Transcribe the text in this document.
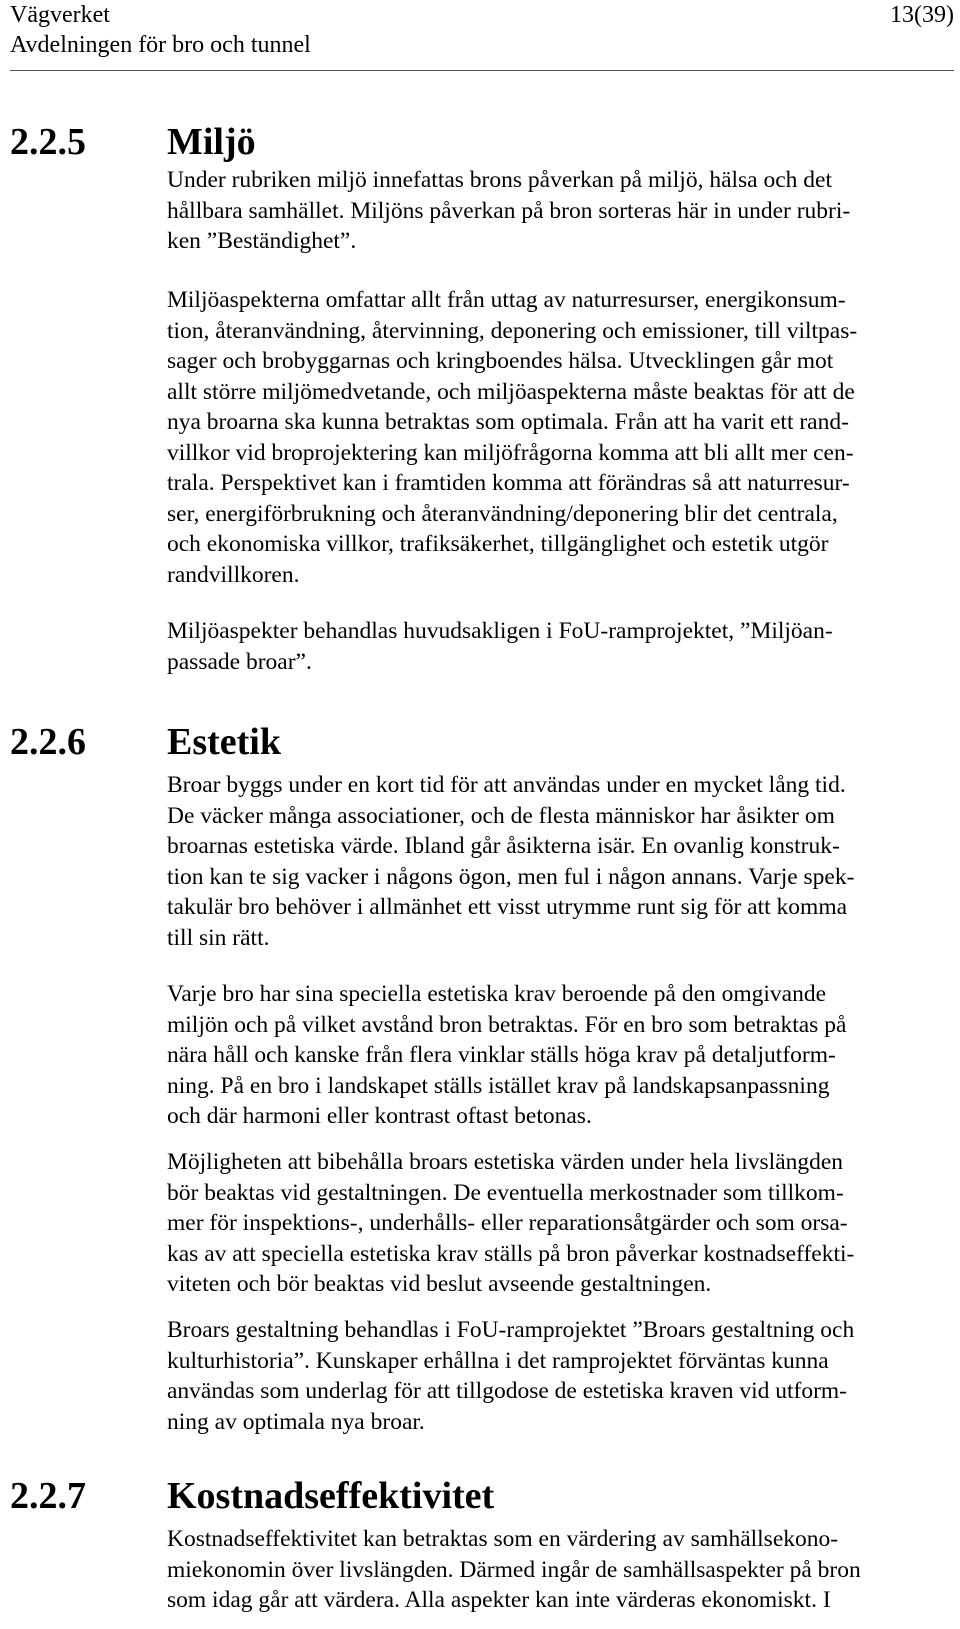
Vägverket
Avdelningen för bro och tunnel
13(39)
2.2.5 Miljö

Under rubriken miljö innefattas brons påverkan på miljö, hälsa och det
hållbara samhället. Miljöns påverkan på bron sorteras här in under rubri-
ken ”Beständighet”.

Miljöaspekterna omfattar allt från uttag av naturresurser, energikonsum-
tion, återanvändning, återvinning, deponering och emissioner, till viltpas-
sager och brobyggarnas och kringboendes hälsa. Utvecklingen går mot
allt större miljömedvetande, och miljöaspekterna måste beaktas för att de
nya broarna ska kunna betraktas som optimala. Från att ha varit ett rand-
villkor vid broprojektering kan miljöfrågorna komma att bli allt mer cen-
trala. Perspektivet kan i framtiden komma att förändras så att naturresur-
ser, energiförbrukning och återanvändning/deponering blir det centrala,
och ekonomiska villkor, trafiksäkerhet, tillgänglighet och estetik utgör
randvillkoren.

Miljöaspekter behandlas huvudsakligen i FoU-ramprojektet, ”Miljöan-
passade broar”.

2.2.6 Estetik

Broar byggs under en kort tid för att användas under en mycket lång tid.
De väcker många associationer, och de flesta människor har åsikter om
broarnas estetiska värde. Ibland går åsikterna isär. En ovanlig konstruk-
tion kan te sig vacker i någons ögon, men ful i någon annans. Varje spek-
takulär bro behöver i allmänhet ett visst utrymme runt sig för att komma
till sin rätt.

Varje bro har sina speciella estetiska krav beroende på den omgivande
miljön och på vilket avstånd bron betraktas. För en bro som betraktas på
nära håll och kanske från flera vinklar ställs höga krav på detaljutform-
ning. På en bro i landskapet ställs istället krav på landskapsanpassning
och där harmoni eller kontrast oftast betonas.

Möjligheten att bibehålla broars estetiska värden under hela livslängden
bör beaktas vid gestaltningen. De eventuella merkostnader som tillkom-
mer för inspektions-, underhålls- eller reparationsåtgärder och som orsa-
kas av att speciella estetiska krav ställs på bron påverkar kostnadseffekti-
viteten och bör beaktas vid beslut avseende gestaltningen.

Broars gestaltning behandlas i FoU-ramprojektet ”Broars gestaltning och
kulturhistoria”. Kunskaper erhållna i det ramprojektet förväntas kunna
användas som underlag för att tillgodose de estetiska kraven vid utform-
ning av optimala nya broar.

2.2.7 Kostnadseffektivitet

Kostnadseffektivitet kan betraktas som en värdering av samhällsekono-
miekonomin över livslängden. Därmed ingår de samhällsaspekter på bron
som idag går att värdera. Alla aspekter kan inte värderas ekonomiskt. I
